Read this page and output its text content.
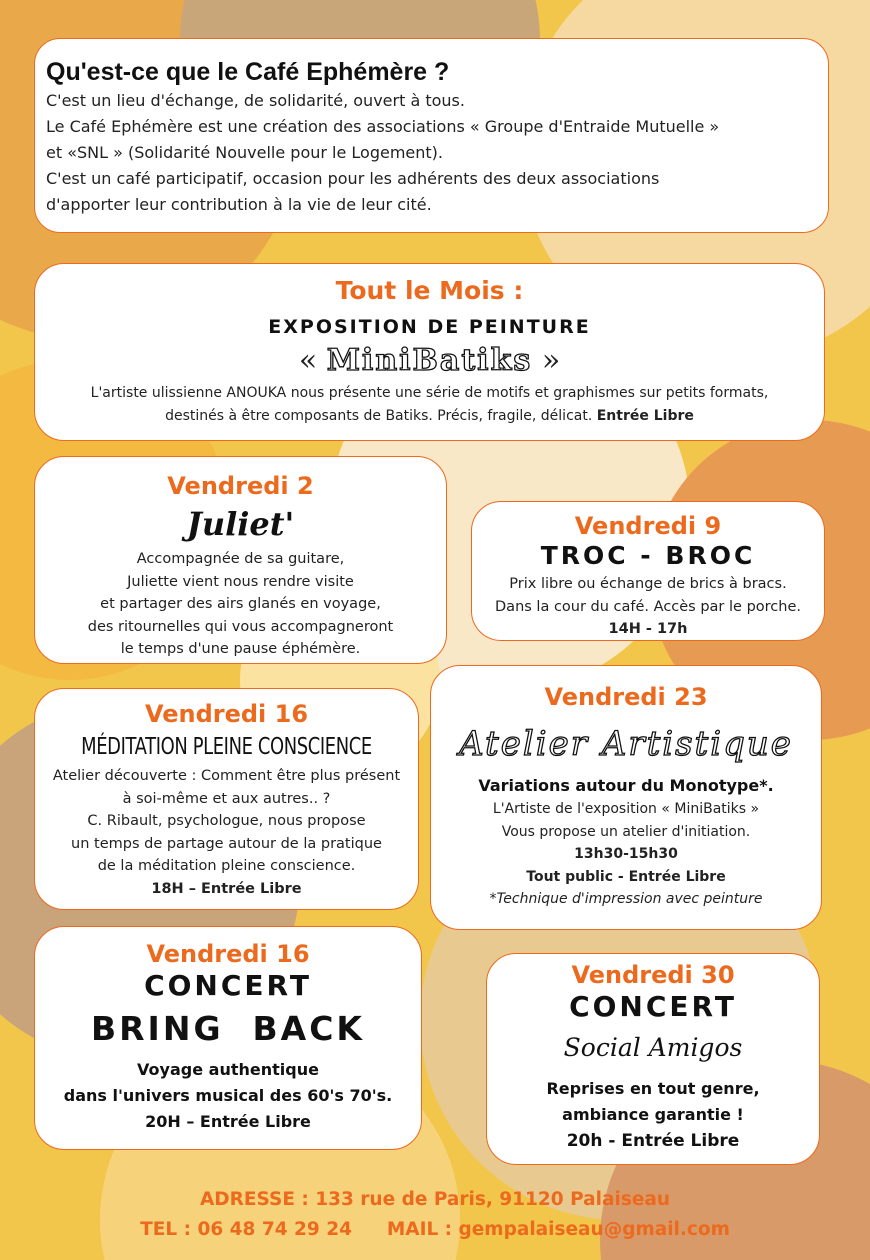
Qu'est-ce que le Café Ephémère ?
C'est un lieu d'échange, de solidarité, ouvert à tous.
Le Café Ephémère est une création des associations « Groupe d'Entraide Mutuelle »
et «SNL » (Solidarité Nouvelle pour le Logement).
C'est un café participatif, occasion pour les adhérents des deux associations
d'apporter leur contribution à la vie de leur cité.
Tout le Mois :
EXPOSITION DE PEINTURE
« MiniBatiks »
L'artiste ulissienne ANOUKA nous présente une série de motifs et graphismes sur petits formats,
destinés à être composants de Batiks. Précis, fragile, délicat. Entrée Libre
Vendredi 2
Juliet'
Accompagnée de sa guitare,
Juliette vient nous rendre visite
et partager des airs glanés en voyage,
des ritournelles qui vous accompagneront
le temps d'une pause éphémère.
Vendredi 9
TROC - BROC
Prix libre ou échange de brics à bracs.
Dans la cour du café. Accès par le porche.
14H - 17h
Vendredi 16
MÉDITATION PLEINE CONSCIENCE
Atelier découverte : Comment être plus présent
à soi-même et aux autres.. ?
C. Ribault, psychologue, nous propose
un temps de partage autour de la pratique
de la méditation pleine conscience.
18H – Entrée Libre
Vendredi 23
Atelier Artistique
Variations autour du Monotype*.
L'Artiste de l'exposition « MiniBatiks »
Vous propose un atelier d'initiation.
13h30-15h30
Tout public - Entrée Libre
*Technique d'impression avec peinture
Vendredi 16
CONCERT
BRING  BACK
Voyage authentique
dans l'univers musical des 60's 70's.
20H – Entrée Libre
Vendredi 30
CONCERT
Social Amigos
Reprises en tout genre,
ambiance garantie !
20h - Entrée Libre
ADRESSE : 133 rue de Paris, 91120 Palaiseau
TEL : 06 48 74 29 24 MAIL : gempalaiseau@gmail.com
